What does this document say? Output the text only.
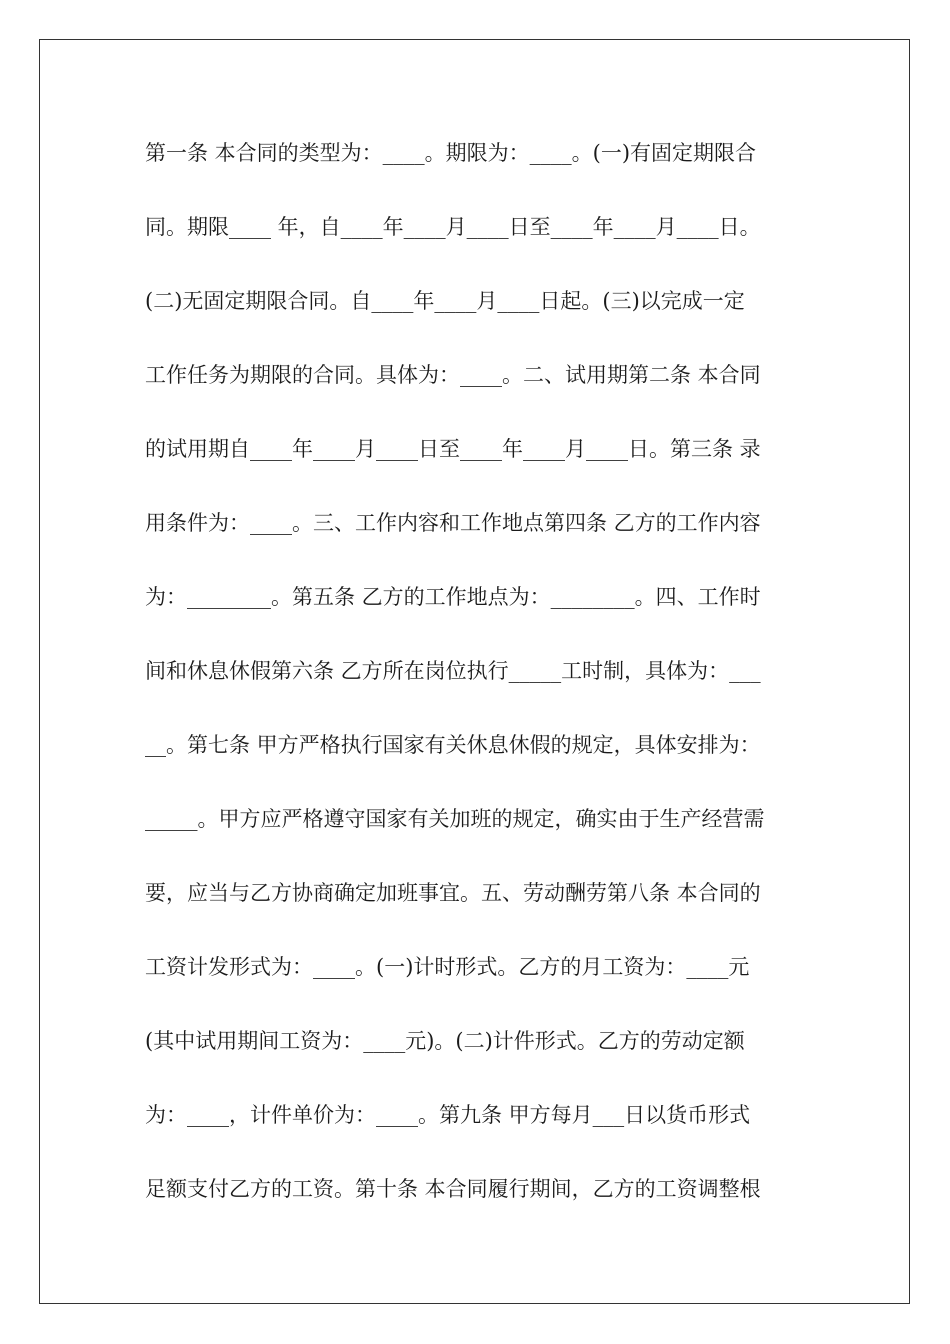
第一条 本合同的类型为：____。期限为：____。(一)有固定期限合
同。期限____ 年，自____年____月____日至____年____月____日。
(二)无固定期限合同。自____年____月____日起。(三)以完成一定
工作任务为期限的合同。具体为：____。二、试用期第二条 本合同
的试用期自____年____月____日至____年____月____日。第三条 录
用条件为：____。三、工作内容和工作地点第四条 乙方的工作内容
为：________。第五条 乙方的工作地点为：________。四、工作时
间和休息休假第六条 乙方所在岗位执行_____工时制，具体为：___
__。第七条 甲方严格执行国家有关休息休假的规定，具体安排为：
_____。甲方应严格遵守国家有关加班的规定，确实由于生产经营需
要，应当与乙方协商确定加班事宜。五、劳动酬劳第八条 本合同的
工资计发形式为：____。(一)计时形式。乙方的月工资为：____元
(其中试用期间工资为：____元)。(二)计件形式。乙方的劳动定额
为：____，计件单价为：____。第九条 甲方每月___日以货币形式
足额支付乙方的工资。第十条 本合同履行期间，乙方的工资调整根
